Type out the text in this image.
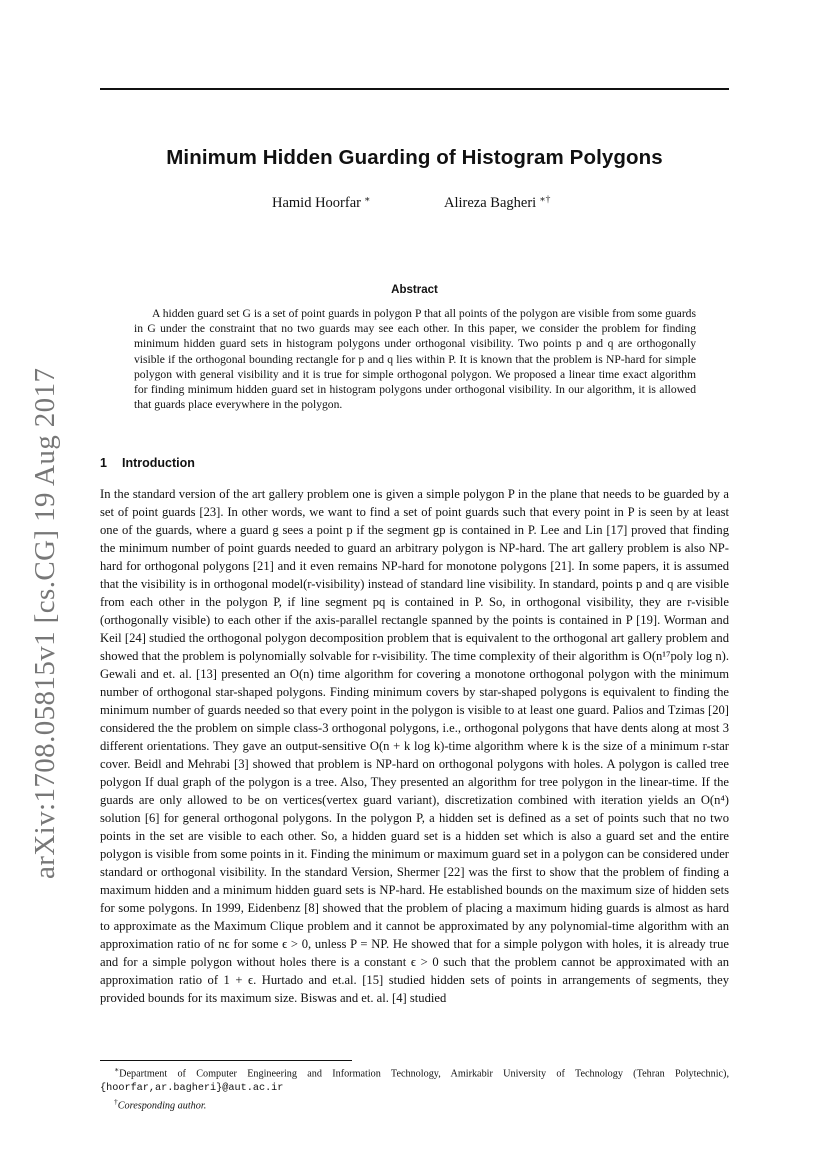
Minimum Hidden Guarding of Histogram Polygons
Hamid Hoorfar ∗	Alireza Bagheri ∗†
Abstract

A hidden guard set G is a set of point guards in polygon P that all points of the polygon are visible from some guards in G under the constraint that no two guards may see each other. In this paper, we consider the problem for finding minimum hidden guard sets in histogram polygons under orthogonal visibility. Two points p and q are orthogonally visible if the orthogonal bounding rectangle for p and q lies within P. It is known that the problem is NP-hard for simple polygon with general visibility and it is true for simple orthogonal polygon. We proposed a linear time exact algorithm for finding minimum hidden guard set in histogram polygons under orthogonal visibility. In our algorithm, it is allowed that guards place everywhere in the polygon.

1 Introduction

In the standard version of the art gallery problem one is given a simple polygon P in the plane that needs to be guarded by a set of point guards [23]. In other words, we want to find a set of point guards such that every point in P is seen by at least one of the guards, where a guard g sees a point p if the segment gp is contained in P. Lee and Lin [17] proved that finding the minimum number of point guards needed to guard an arbitrary polygon is NP-hard. The art gallery problem is also NP-hard for orthogonal polygons [21] and it even remains NP-hard for monotone polygons [21]. In some papers, it is assumed that the visibility is in orthogonal model(r-visibility) instead of standard line visibility. In standard, points p and q are visible from each other in the polygon P, if line segment pq is contained in P. So, in orthogonal visibility, they are r-visible (orthogonally visible) to each other if the axis-parallel rectangle spanned by the points is contained in P [19]. Worman and Keil [24] studied the orthogonal polygon decomposition problem that is equivalent to the orthogonal art gallery problem and showed that the problem is polynomially solvable for r-visibility. The time complexity of their algorithm is O(n¹⁷poly log n). Gewali and et. al. [13] presented an O(n) time algorithm for covering a monotone orthogonal polygon with the minimum number of orthogonal star-shaped polygons. Finding minimum covers by star-shaped polygons is equivalent to finding the minimum number of guards needed so that every point in the polygon is visible to at least one guard. Palios and Tzimas [20] considered the the problem on simple class-3 orthogonal polygons, i.e., orthogonal polygons that have dents along at most 3 different orientations. They gave an output-sensitive O(n + k log k)-time algorithm where k is the size of a minimum r-star cover. Beidl and Mehrabi [3] showed that problem is NP-hard on orthogonal polygons with holes. A polygon is called tree polygon If dual graph of the polygon is a tree. Also, They presented an algorithm for tree polygon in the linear-time. If the guards are only allowed to be on vertices(vertex guard variant), discretization combined with iteration yields an O(n⁴) solution [6] for general orthogonal polygons. In the polygon P, a hidden set is defined as a set of points such that no two points in the set are visible to each other. So, a hidden guard set is a hidden set which is also a guard set and the entire polygon is visible from some points in it. Finding the minimum or maximum guard set in a polygon can be considered under standard or orthogonal visibility. In the standard Version, Shermer [22] was the first to show that the problem of finding a maximum hidden and a minimum hidden guard sets is NP-hard. He established bounds on the maximum size of hidden sets for some polygons. In 1999, Eidenbenz [8] showed that the problem of placing a maximum hiding guards is almost as hard to approximate as the Maximum Clique problem and it cannot be approximated by any polynomial-time algorithm with an approximation ratio of nϵ for some ϵ > 0, unless P = NP. He showed that for a simple polygon with holes, it is already true and for a simple polygon without holes there is a constant ϵ > 0 such that the problem cannot be approximated with an approximation ratio of 1 + ϵ. Hurtado and et.al. [15] studied hidden sets of points in arrangements of segments, they provided bounds for its maximum size. Biswas and et. al. [4] studied

∗Department of Computer Engineering and Information Technology, Amirkabir University of Technology (Tehran Polytechnic), {hoorfar,ar.bagheri}@aut.ac.ir

†Coresponding author.

arXiv:1708.05815v1 [cs.CG] 19 Aug 2017
